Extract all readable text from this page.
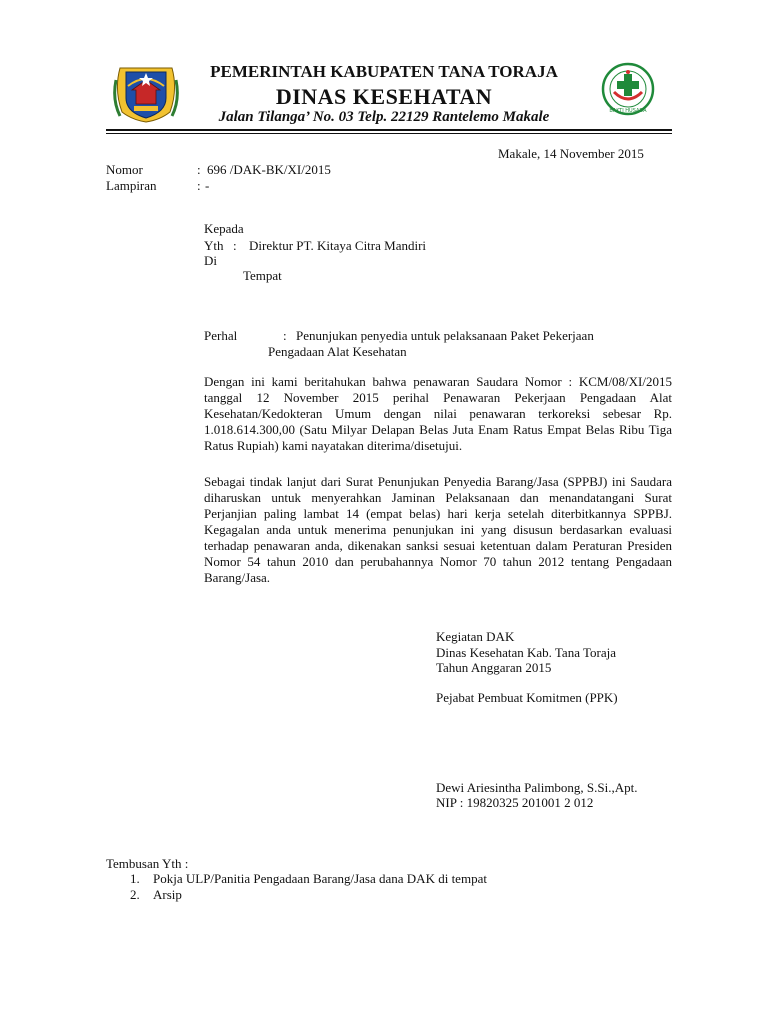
PEMERINTAH KABUPATEN TANA TORAJA
DINAS KESEHATAN
Jalan Tilanga’ No. 03 Telp. 22129 Rantelemo Makale	BAKTI HUSADA
Makale, 14 November 2015
Nomor	: 696 /DAK-BK/XI/2015
Lampiran	: -
Kepada
Yth : Direktur PT. Kitaya Citra Mandiri
Di
Tempat
Perhal	: Penunjukan penyedia untuk pelaksanaan Paket Pekerjaan
Pengadaan Alat Kesehatan
Dengan ini kami beritahukan bahwa penawaran Saudara Nomor : KCM/08/XI/2015 tanggal 12 November 2015 perihal Penawaran Pekerjaan Pengadaan Alat Kesehatan/Kedokteran Umum dengan nilai penawaran terkoreksi sebesar Rp. 1.018.614.300,00 (Satu Milyar Delapan Belas Juta Enam Ratus Empat Belas Ribu Tiga Ratus Rupiah) kami nayatakan diterima/disetujui.
Sebagai tindak lanjut dari Surat Penunjukan Penyedia Barang/Jasa (SPPBJ) ini Saudara diharuskan untuk menyerahkan Jaminan Pelaksanaan dan menandatangani Surat Perjanjian paling lambat 14 (empat belas) hari kerja setelah diterbitkannya SPPBJ. Kegagalan anda untuk menerima penunjukan ini yang disusun berdasarkan evaluasi terhadap penawaran anda, dikenakan sanksi sesuai ketentuan dalam Peraturan Presiden Nomor 54 tahun 2010 dan perubahannya Nomor 70 tahun 2012 tentang Pengadaan Barang/Jasa.
Kegiatan DAK
Dinas Kesehatan Kab. Tana Toraja
Tahun Anggaran 2015
Pejabat Pembuat Komitmen (PPK)
Dewi Ariesintha Palimbong, S.Si.,Apt.
NIP : 19820325 201001 2 012
Tembusan Yth :
1. Pokja ULP/Panitia Pengadaan Barang/Jasa dana DAK di tempat
2. Arsip
